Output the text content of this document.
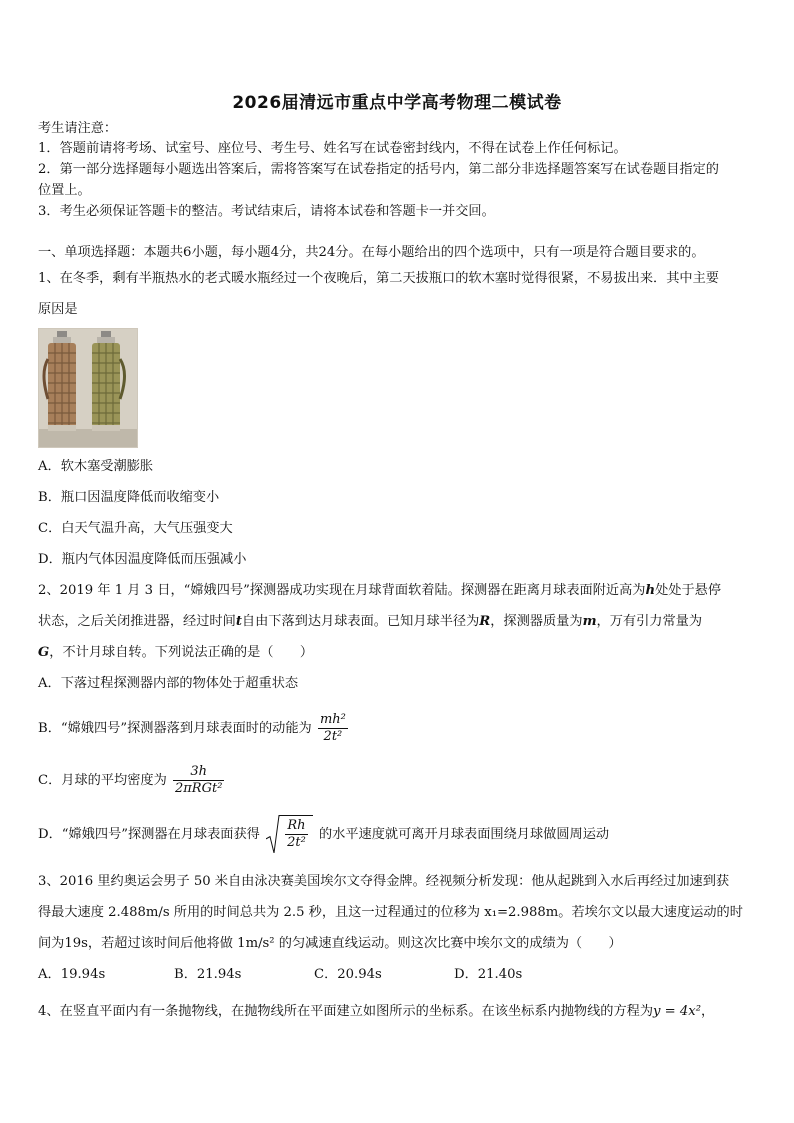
2026届清远市重点中学高考物理二模试卷
考生请注意：
1．答题前请将考场、试室号、座位号、考生号、姓名写在试卷密封线内，不得在试卷上作任何标记。
2．第一部分选择题每小题选出答案后，需将答案写在试卷指定的括号内，第二部分非选择题答案写在试卷题目指定的
位置上。
3．考生必须保证答题卡的整洁。考试结束后，请将本试卷和答题卡一并交回。
一、单项选择题：本题共6小题，每小题4分，共24分。在每小题给出的四个选项中，只有一项是符合题目要求的。
1、在冬季，剩有半瓶热水的老式暖水瓶经过一个夜晚后，第二天拔瓶口的软木塞时觉得很紧，不易拔出来．其中主要
原因是
A．软木塞受潮膨胀
B．瓶口因温度降低而收缩变小
C．白天气温升高，大气压强变大
D．瓶内气体因温度降低而压强减小
2、2019 年 1 月 3 日，“嫦娥四号”探测器成功实现在月球背面软着陆。探测器在距离月球表面附近高为h处处于悬停
状态，之后关闭推进器，经过时间t自由下落到达月球表面。已知月球半径为R，探测器质量为m，万有引力常量为
G，不计月球自转。下列说法正确的是（　　）
A．下落过程探测器内部的物体处于超重状态
B．“嫦娥四号”探测器落到月球表面时的动能为 $\frac{\text{mh²}}{\text{2t²}}$
C．月球的平均密度为 $\frac{3h}{\text{2πRGt²}}$
D．“嫦娥四号”探测器在月球表面获得 $\frac{Rh}{\text{2t²}}$ 的水平速度就可离开月球表面围绕月球做圆周运动
3、2016 里约奥运会男子 50 米自由泳决赛美国埃尔文夺得金牌。经视频分析发现：他从起跳到入水后再经过加速到获
得最大速度 2.488m/s 所用的时间总共为 2.5 秒，且这一过程通过的位移为 x₁=2.988m。若埃尔文以最大速度运动的时
间为19s，若超过该时间后他将做 1m/s² 的匀减速直线运动。则这次比赛中埃尔文的成绩为（　　）
A．19.94s	B．21.94s	C．20.94s	D．21.40s
4、在竖直平面内有一条抛物线，在抛物线所在平面建立如图所示的坐标系。在该坐标系内抛物线的方程为y = 4x²，
